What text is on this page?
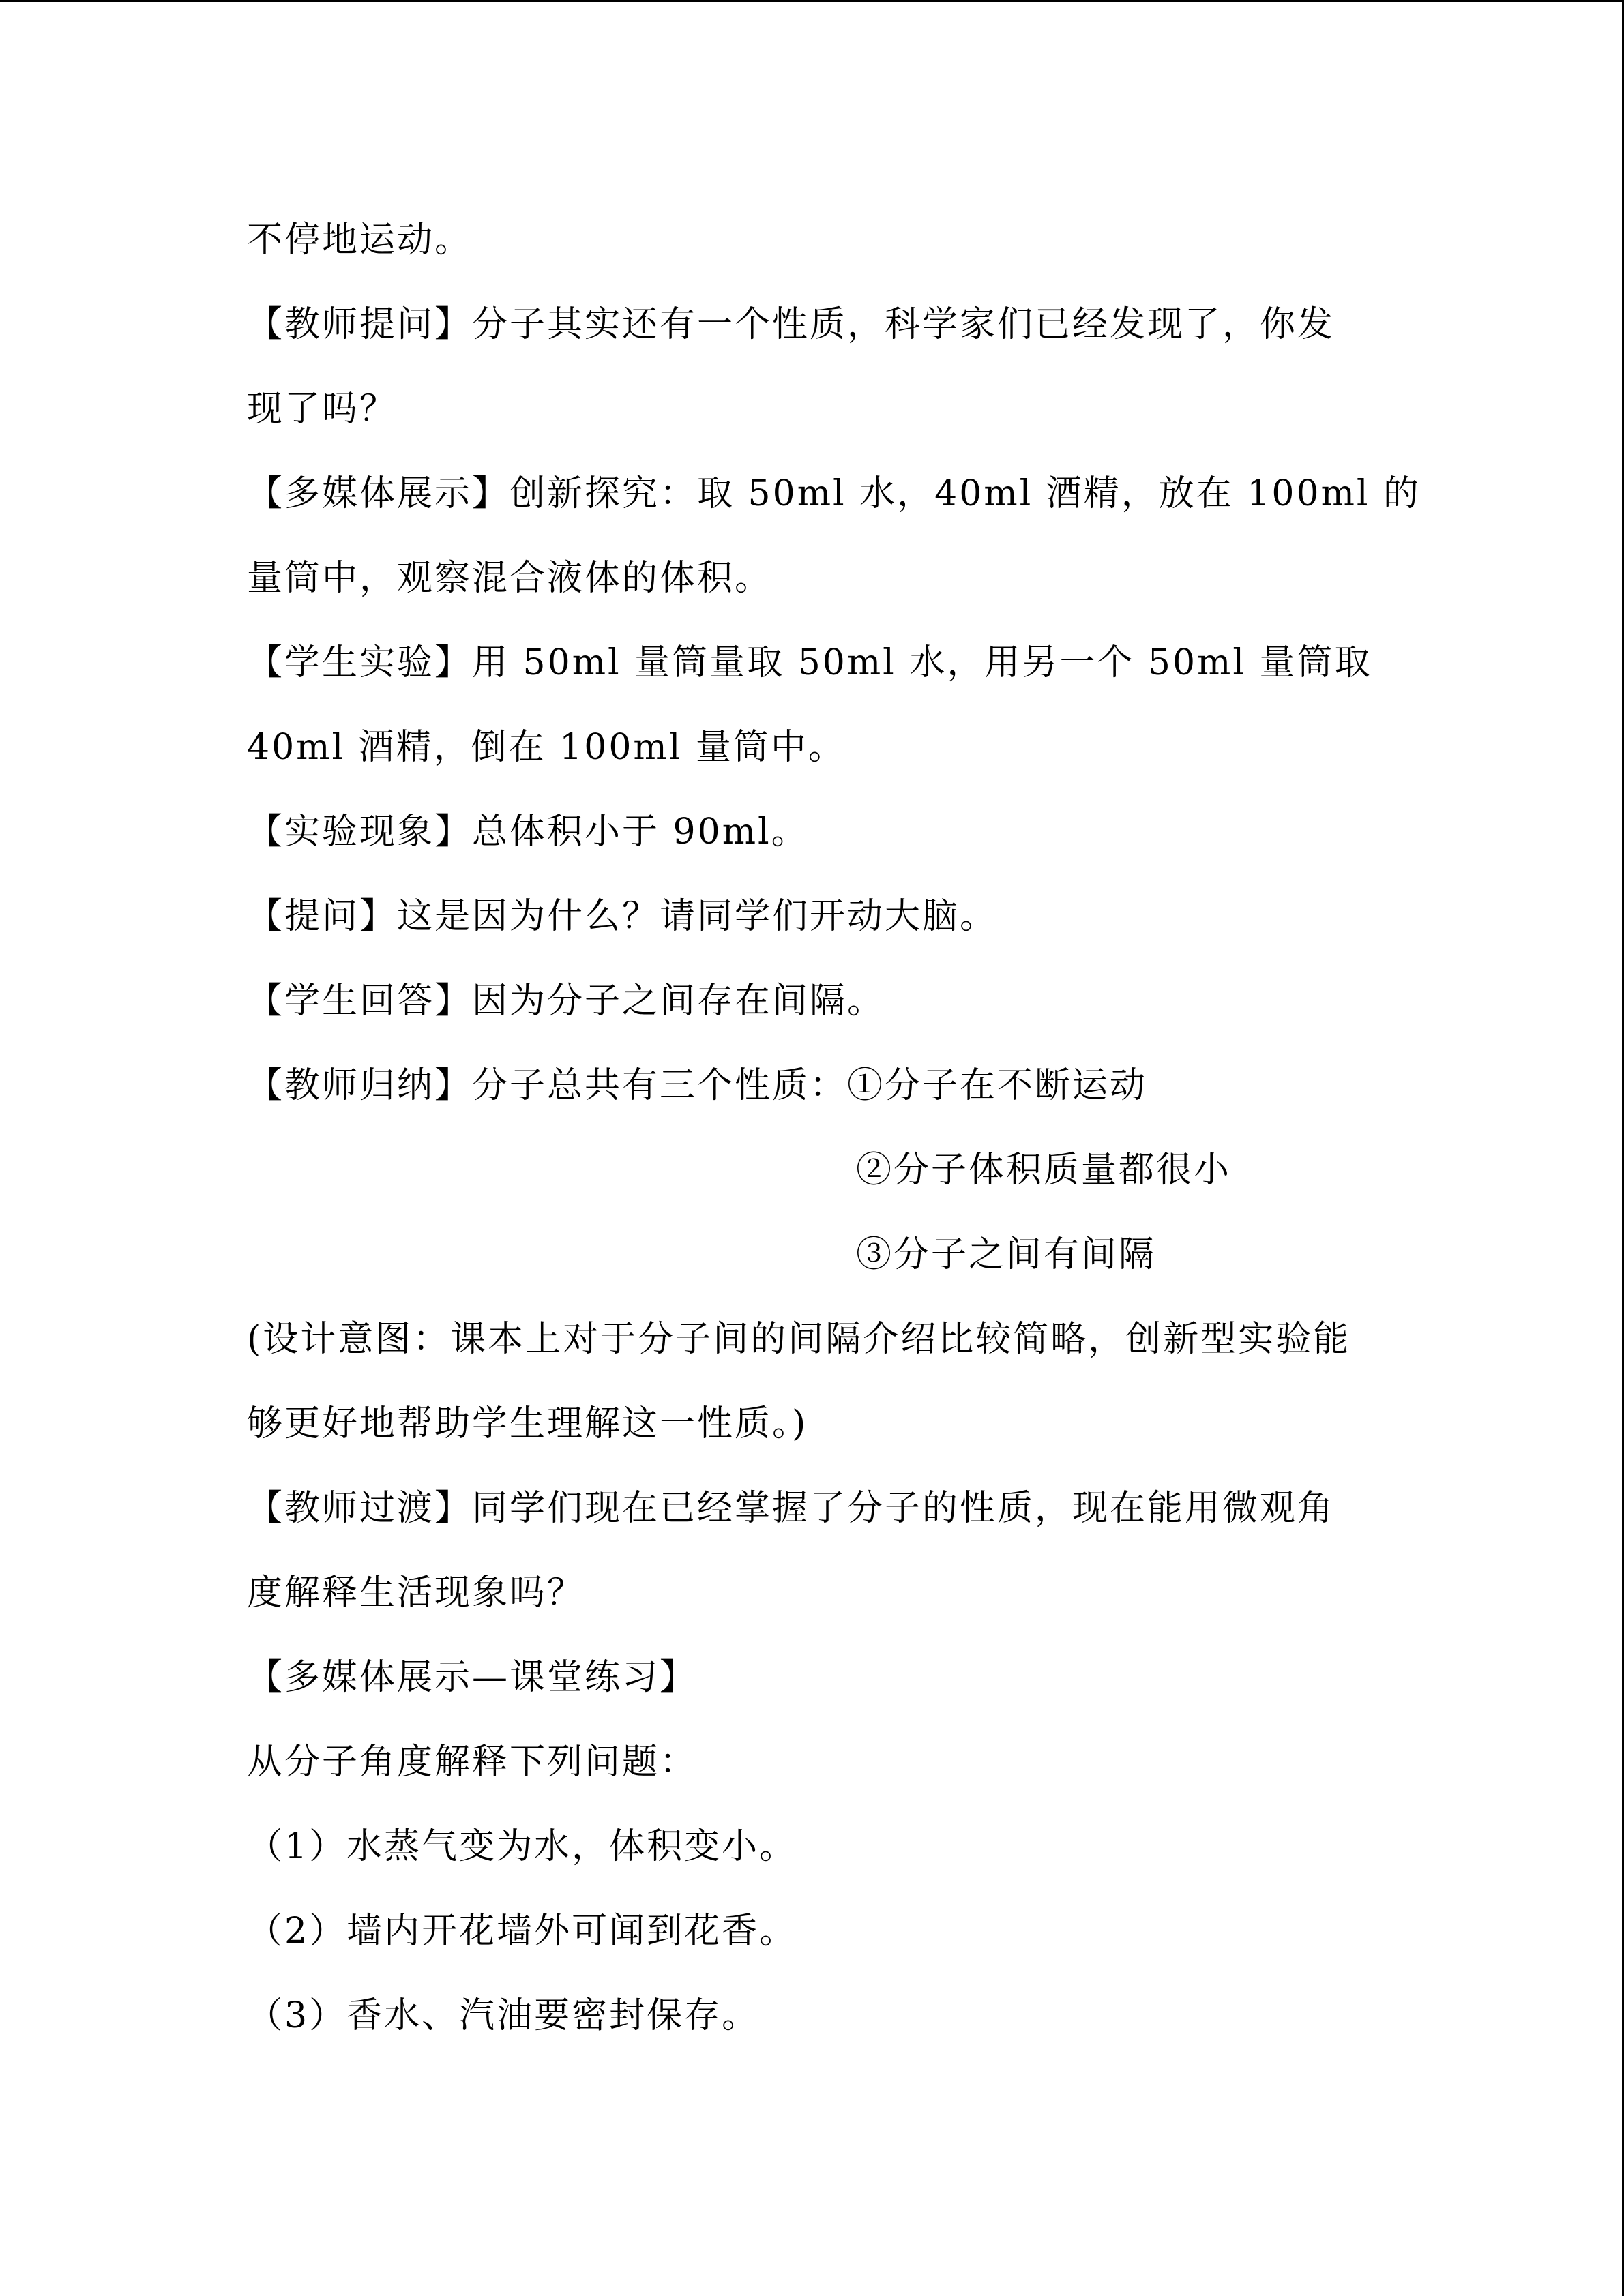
不停地运动。
【教师提问】分子其实还有一个性质，科学家们已经发现了，你发
现了吗？
【多媒体展示】创新探究：取 50ml 水，40ml 酒精，放在 100ml 的
量筒中，观察混合液体的体积。
【学生实验】用 50ml 量筒量取 50ml 水，用另一个 50ml 量筒取
40ml 酒精，倒在 100ml 量筒中。
【实验现象】总体积小于 90ml。
【提问】这是因为什么？请同学们开动大脑。
【学生回答】因为分子之间存在间隔。
【教师归纳】分子总共有三个性质：①分子在不断运动
②分子体积质量都很小
③分子之间有间隔
(设计意图：课本上对于分子间的间隔介绍比较简略，创新型实验能
够更好地帮助学生理解这一性质。)
【教师过渡】同学们现在已经掌握了分子的性质，现在能用微观角
度解释生活现象吗？
【多媒体展示—课堂练习】
从分子角度解释下列问题：
（1）水蒸气变为水，体积变小。
（2）墙内开花墙外可闻到花香。
（3）香水、汽油要密封保存。
